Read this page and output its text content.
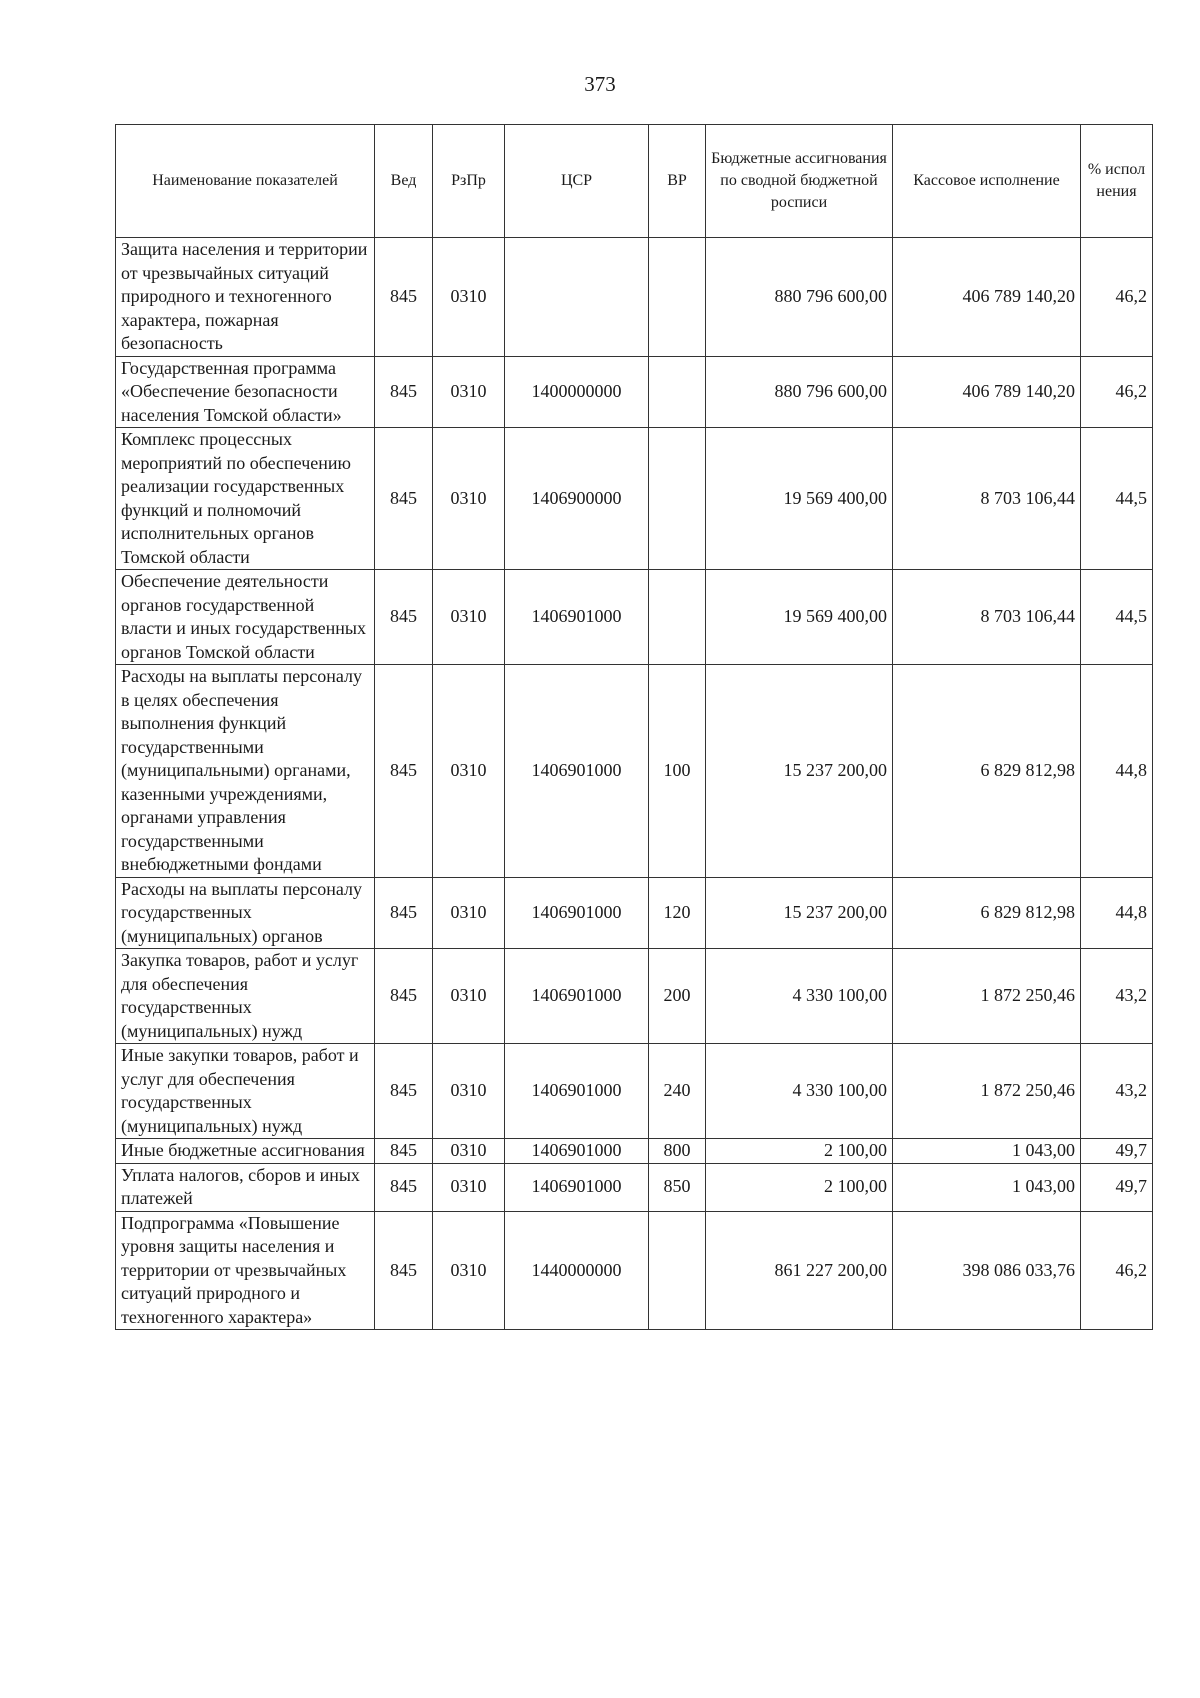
373
Наименование показателей	Вед	РзПр	ЦСР	ВР	Бюджетные ассигнования по сводной бюджетной росписи	Кассовое исполнение	% испол нения
Защита населения и территории от чрезвычайных ситуаций природного и техногенного характера, пожарная безопасность	845	0310			880 796 600,00	406 789 140,20	46,2
Государственная программа «Обеспечение безопасности населения Томской области»	845	0310	1400000000		880 796 600,00	406 789 140,20	46,2
Комплекс процессных мероприятий по обеспечению реализации государственных функций и полномочий исполнительных органов Томской области	845	0310	1406900000		19 569 400,00	8 703 106,44	44,5
Обеспечение деятельности органов государственной власти и иных государственных органов Томской области	845	0310	1406901000		19 569 400,00	8 703 106,44	44,5
Расходы на выплаты персоналу в целях обеспечения выполнения функций государственными (муниципальными) органами, казенными учреждениями, органами управления государственными внебюджетными фондами	845	0310	1406901000	100	15 237 200,00	6 829 812,98	44,8
Расходы на выплаты персоналу государственных (муниципальных) органов	845	0310	1406901000	120	15 237 200,00	6 829 812,98	44,8
Закупка товаров, работ и услуг для обеспечения государственных (муниципальных) нужд	845	0310	1406901000	200	4 330 100,00	1 872 250,46	43,2
Иные закупки товаров, работ и услуг для обеспечения государственных (муниципальных) нужд	845	0310	1406901000	240	4 330 100,00	1 872 250,46	43,2
Иные бюджетные ассигнования	845	0310	1406901000	800	2 100,00	1 043,00	49,7
Уплата налогов, сборов и иных платежей	845	0310	1406901000	850	2 100,00	1 043,00	49,7
Подпрограмма «Повышение уровня защиты населения и территории от чрезвычайных ситуаций природного и техногенного характера»	845	0310	1440000000		861 227 200,00	398 086 033,76	46,2
